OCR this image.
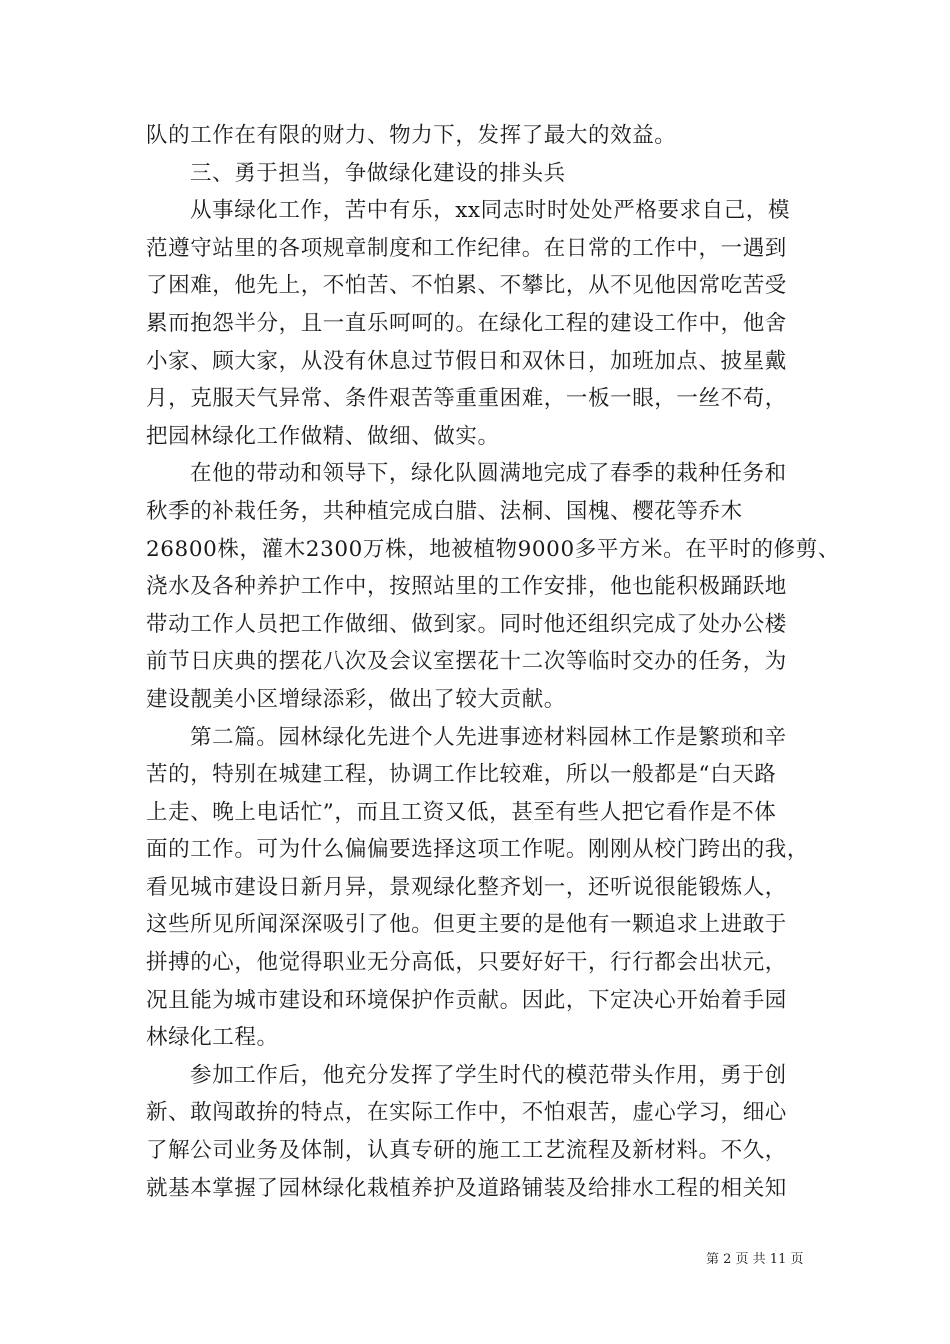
队的工作在有限的财力、物力下，发挥了最大的效益。
三、勇于担当，争做绿化建设的排头兵
从事绿化工作，苦中有乐，xx同志时时处处严格要求自己，模
范遵守站里的各项规章制度和工作纪律。在日常的工作中，一遇到
了困难，他先上，不怕苦、不怕累、不攀比，从不见他因常吃苦受
累而抱怨半分，且一直乐呵呵的。在绿化工程的建设工作中，他舍
小家、顾大家，从没有休息过节假日和双休日，加班加点、披星戴
月，克服天气异常、条件艰苦等重重困难，一板一眼，一丝不苟，
把园林绿化工作做精、做细、做实。
在他的带动和领导下，绿化队圆满地完成了春季的栽种任务和
秋季的补栽任务，共种植完成白腊、法桐、国槐、樱花等乔木
26800株，灌木2300万株，地被植物9000多平方米。在平时的修剪、
浇水及各种养护工作中，按照站里的工作安排，他也能积极踊跃地
带动工作人员把工作做细、做到家。同时他还组织完成了处办公楼
前节日庆典的摆花八次及会议室摆花十二次等临时交办的任务，为
建设靓美小区增绿添彩，做出了较大贡献。
第二篇。园林绿化先进个人先进事迹材料园林工作是繁琐和辛
苦的，特别在城建工程，协调工作比较难，所以一般都是“白天路
上走、晚上电话忙”，而且工资又低，甚至有些人把它看作是不体
面的工作。可为什么偏偏要选择这项工作呢。刚刚从校门跨出的我，
看见城市建设日新月异，景观绿化整齐划一，还听说很能锻炼人，
这些所见所闻深深吸引了他。但更主要的是他有一颗追求上进敢于
拼搏的心，他觉得职业无分高低，只要好好干，行行都会出状元，
况且能为城市建设和环境保护作贡献。因此，下定决心开始着手园
林绿化工程。
参加工作后，他充分发挥了学生时代的模范带头作用，勇于创
新、敢闯敢拚的特点，在实际工作中，不怕艰苦，虚心学习，细心
了解公司业务及体制，认真专研的施工工艺流程及新材料。不久，
就基本掌握了园林绿化栽植养护及道路铺装及给排水工程的相关知
第 2 页 共 11 页
